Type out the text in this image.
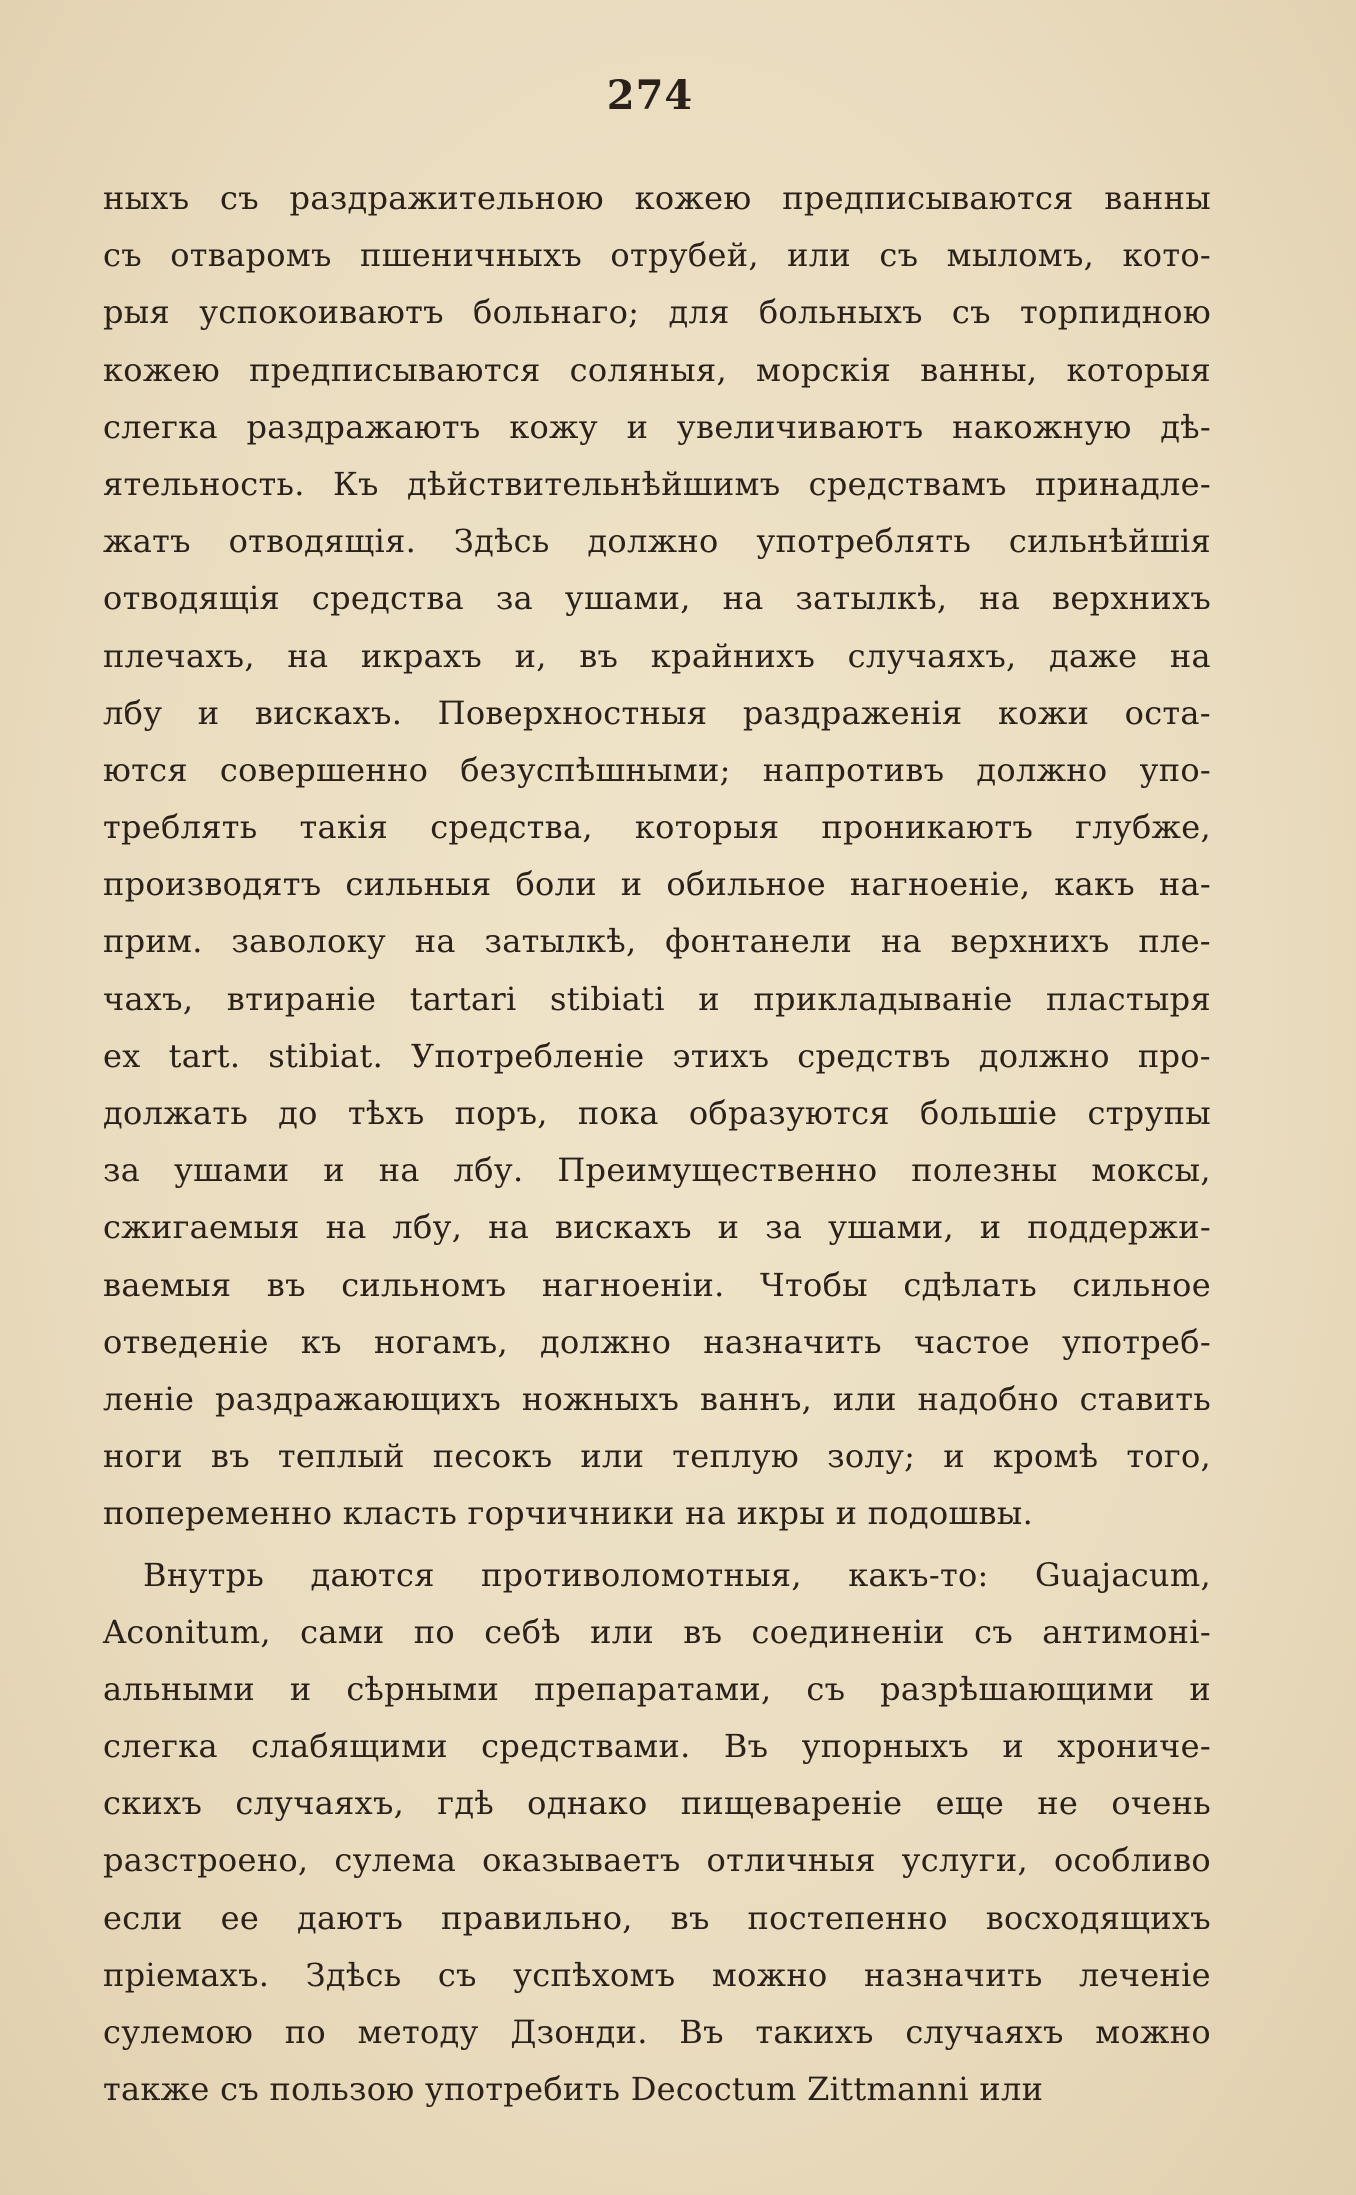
274
ныхъ съ раздражительною кожею предписываются ванны
съ отваромъ пшеничныхъ отрубей, или съ мыломъ, кото-
рыя успокоиваютъ больнаго; для больныхъ съ торпидною
кожею предписываются соляныя, морскія ванны, которыя
слегка раздражаютъ кожу и увеличиваютъ накожную дѣ-
ятельность. Къ дѣйствительнѣйшимъ средствамъ принадле-
жатъ отводящія. Здѣсь должно употреблять сильнѣйшія
отводящія средства за ушами, на затылкѣ, на верхнихъ
плечахъ, на икрахъ и, въ крайнихъ случаяхъ, даже на
лбу и вискахъ. Поверхностныя раздраженія кожи оста-
ются совершенно безуспѣшными; напротивъ должно упо-
треблять такія средства, которыя проникаютъ глубже,
производятъ сильныя боли и обильное нагноеніе, какъ на-
прим. заволоку на затылкѣ, фонтанели на верхнихъ пле-
чахъ, втираніе tartari stibiati и прикладываніе пластыря
ex tart. stibiat. Употребленіе этихъ средствъ должно про-
должать до тѣхъ поръ, пока образуются большіе струпы
за ушами и на лбу. Преимущественно полезны моксы,
сжигаемыя на лбу, на вискахъ и за ушами, и поддержи-
ваемыя въ сильномъ нагноеніи. Чтобы сдѣлать сильное
отведеніе къ ногамъ, должно назначить частое употреб-
леніе раздражающихъ ножныхъ ваннъ, или надобно ставить
ноги въ теплый песокъ или теплую золу; и кромѣ того,
попеременно класть горчичники на икры и подошвы.
Внутрь даются противоломотныя, какъ-то: Guajacum,
Aconitum, сами по себѣ или въ соединеніи съ антимоні-
альными и сѣрными препаратами, съ разрѣшающими и
слегка слабящими средствами. Въ упорныхъ и хрониче-
скихъ случаяхъ, гдѣ однако пищевареніе еще не очень
разстроено, сулема оказываетъ отличныя услуги, особливо
если ее даютъ правильно, въ постепенно восходящихъ
пріемахъ. Здѣсь съ успѣхомъ можно назначить леченіе
сулемою по методу Дзонди. Въ такихъ случаяхъ можно
также съ пользою употребить Decoctum Zittmanni или
